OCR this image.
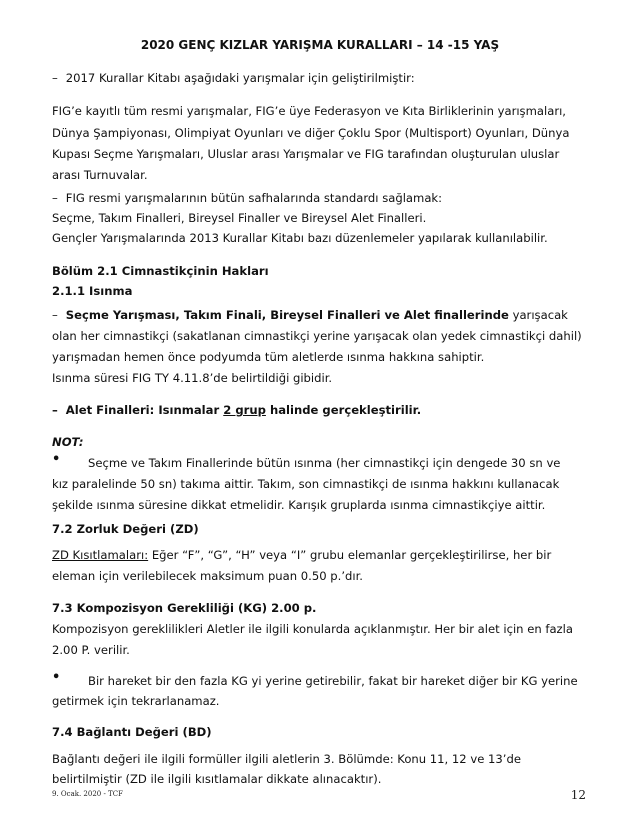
2020 GENÇ KIZLAR YARIŞMA KURALLARI – 14 -15 YAŞ
– 2017 Kurallar Kitabı aşağıdaki yarışmalar için geliştirilmiştir:
FIG’e kayıtlı tüm resmi yarışmalar, FIG’e üye Federasyon ve Kıta Birliklerinin yarışmaları,
Dünya Şampiyonası, Olimpiyat Oyunları ve diğer Çoklu Spor (Multisport) Oyunları, Dünya
Kupası Seçme Yarışmaları, Uluslar arası Yarışmalar ve FIG tarafından oluşturulan uluslar
arası Turnuvalar.
– FIG resmi yarışmalarının bütün safhalarında standardı sağlamak:
Seçme, Takım Finalleri, Bireysel Finaller ve Bireysel Alet Finalleri.
Gençler Yarışmalarında 2013 Kurallar Kitabı bazı düzenlemeler yapılarak kullanılabilir.
Bölüm 2.1 Cimnastikçinin Hakları
2.1.1 Isınma
– Seçme Yarışması, Takım Finali, Bireysel Finalleri ve Alet finallerinde yarışacak
olan her cimnastikçi (sakatlanan cimnastikçi yerine yarışacak olan yedek cimnastikçi dahil)
yarışmadan hemen önce podyumda tüm aletlerde ısınma hakkına sahiptir.
Isınma süresi FIG TY 4.11.8’de belirtildiği gibidir.
– Alet Finalleri: Isınmalar 2 grup halinde gerçekleştirilir.
NOT:
• Seçme ve Takım Finallerinde bütün ısınma (her cimnastikçi için dengede 30 sn ve
kız paralelinde 50 sn) takıma aittir. Takım, son cimnastikçi de ısınma hakkını kullanacak
şekilde ısınma süresine dikkat etmelidir. Karışık gruplarda ısınma cimnastikçiye aittir.
7.2 Zorluk Değeri (ZD)
ZD Kısıtlamaları: Eğer “F”, “G”, “H” veya “I” grubu elemanlar gerçekleştirilirse, her bir
eleman için verilebilecek maksimum puan 0.50 p.’dır.
7.3 Kompozisyon Gerekliliği (KG) 2.00 p.
Kompozisyon gereklilikleri Aletler ile ilgili konularda açıklanmıştır. Her bir alet için en fazla
2.00 P. verilir.
• Bir hareket bir den fazla KG yi yerine getirebilir, fakat bir hareket diğer bir KG yerine
getirmek için tekrarlanamaz.
7.4 Bağlantı Değeri (BD)
Bağlantı değeri ile ilgili formüller ilgili aletlerin 3. Bölümde: Konu 11, 12 ve 13’de
belirtilmiştir (ZD ile ilgili kısıtlamalar dikkate alınacaktır).
9. Ocak. 2020 - TCF	12
